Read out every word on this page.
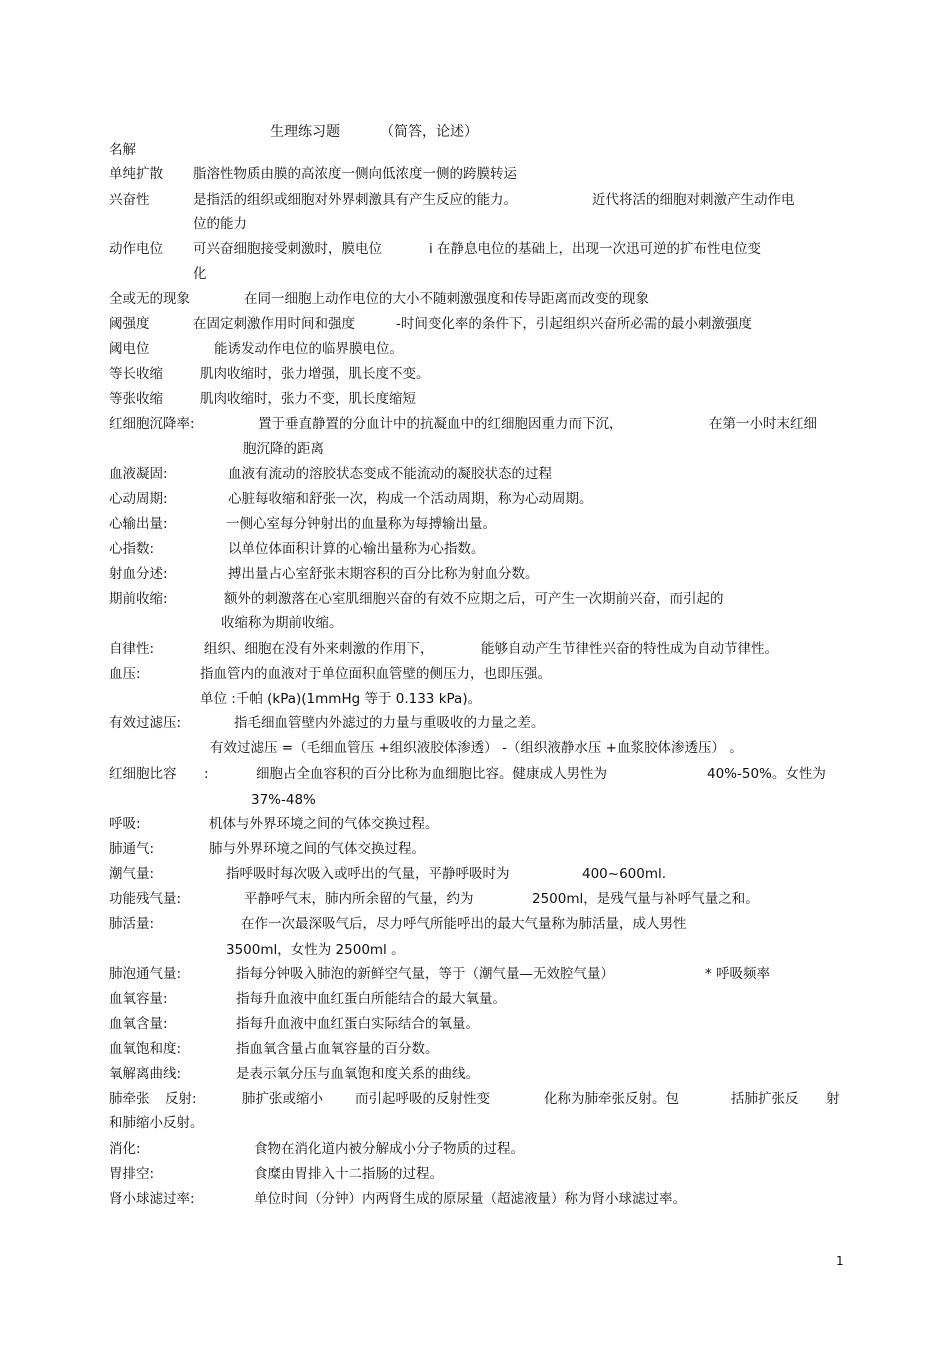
生理练习题	（简答，论述）
名解
单纯扩散 脂溶性物质由膜的高浓度一侧向低浓度一侧的跨膜转运
兴奋性	是指活的组织或细胞对外界刺激具有产生反应的能力。	近代将活的细胞对刺激产生动作电
位的能力
动作电位 可兴奋细胞接受刺激时，膜电位	i 在静息电位的基础上，出现一次迅可逆的扩布性电位变
化
全或无的现象	在同一细胞上动作电位的大小不随刺激强度和传导距离而改变的现象
阈强度	在固定刺激作用时间和强度	-时间变化率的条件下，引起组织兴奋所必需的最小刺激强度
阈电位	能诱发动作电位的临界膜电位。
等长收缩	肌肉收缩时，张力增强，肌长度不变。
等张收缩	肌肉收缩时，张力不变，肌长度缩短
红细胞沉降率:	置于垂直静置的分血计中的抗凝血中的红细胞因重力而下沉，	在第一小时末红细
胞沉降的距离
血液凝固:	血液有流动的溶胶状态变成不能流动的凝胶状态的过程
心动周期:	心脏每收缩和舒张一次，构成一个活动周期，称为心动周期。
心输出量:	一侧心室每分钟射出的血量称为每搏输出量。
心指数:	以单位体面积计算的心输出量称为心指数。
射血分述:	搏出量占心室舒张末期容积的百分比称为射血分数。
期前收缩:	额外的刺激落在心室肌细胞兴奋的有效不应期之后，可产生一次期前兴奋，而引起的
收缩称为期前收缩。
自律性:	组织、细胞在没有外来刺激的作用下，	能够自动产生节律性兴奋的特性成为自动节律性。
血压:	指血管内的血液对于单位面积血管壁的侧压力，也即压强。
单位 :千帕 (kPa)(1mmHg 等于 0.133 kPa)。
有效过滤压:	指毛细血管壁内外滤过的力量与重吸收的力量之差。
有效过滤压 =（毛细血管压 +组织液胶体渗透） -（组织液静水压 +血浆胶体渗透压） 。
红细胞比容 :	细胞占全血容积的百分比称为血细胞比容。健康成人男性为	40%-50%。女性为
37%-48%
呼吸:	机体与外界环境之间的气体交换过程。
肺通气:	肺与外界环境之间的气体交换过程。
潮气量:	指呼吸时每次吸入或呼出的气量，平静呼吸时为	400~600ml.
功能残气量:	平静呼气末，肺内所余留的气量，约为	2500ml，是残气量与补呼气量之和。
肺活量:	在作一次最深吸气后，尽力呼气所能呼出的最大气量称为肺活量，成人男性
3500ml，女性为 2500ml 。
肺泡通气量:	指每分钟吸入肺泡的新鲜空气量，等于（潮气量—无效腔气量）	* 呼吸频率
血氧容量:	指每升血液中血红蛋白所能结合的最大氧量。
血氧含量:	指每升血液中血红蛋白实际结合的氧量。
血氧饱和度:	指血氧含量占血氧容量的百分数。
氧解离曲线:	是表示氧分压与血氧饱和度关系的曲线。
肺牵张 反射:	肺扩张或缩小 而引起呼吸的反射性变	化称为肺牵张反射。包	括肺扩张反 射
和肺缩小反射。
消化:	食物在消化道内被分解成小分子物质的过程。
胃排空:	食糜由胃排入十二指肠的过程。
肾小球滤过率:	单位时间（分钟）内两肾生成的原尿量（超滤液量）称为肾小球滤过率。
1
